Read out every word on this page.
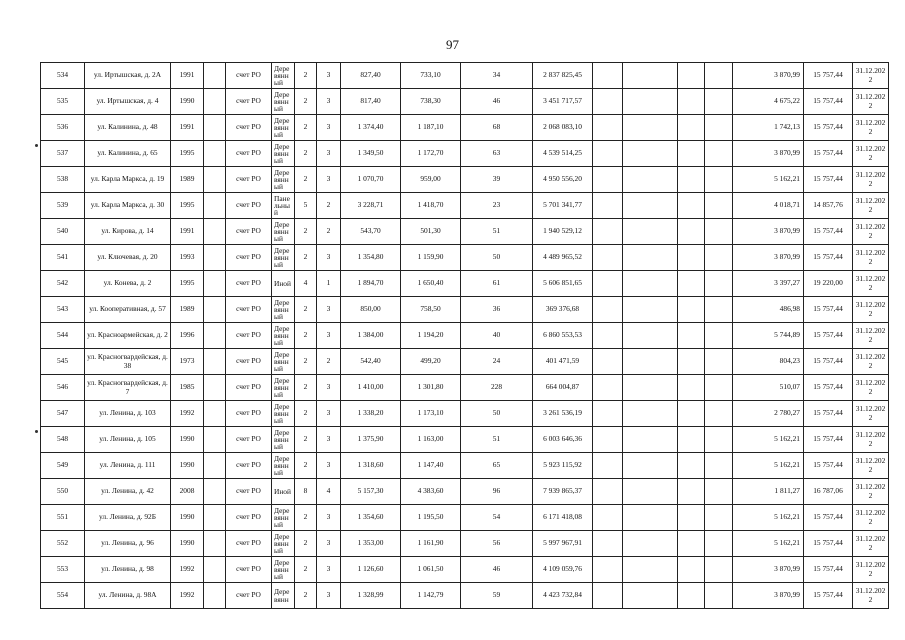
97
534	ул. Иртышская, д. 2А	1991		счет РО	Дере вянн ый	2	3	827,40	733,10	34	2 837 825,45					3 870,99	15 757,44	31.12.2022
535	ул. Иртышская, д. 4	1990		счет РО	Дере вянн ый	2	3	817,40	738,30	46	3 451 717,57					4 675,22	15 757,44	31.12.2022
536	ул. Калинина, д. 48	1991		счет РО	Дере вянн ый	2	3	1 374,40	1 187,10	68	2 068 083,10					1 742,13	15 757,44	31.12.2022
537	ул. Калинина, д. 65	1995		счет РО	Дере вянн ый	2	3	1 349,50	1 172,70	63	4 539 514,25					3 870,99	15 757,44	31.12.2022
538	ул. Карла Маркса, д. 19	1989		счет РО	Дере вянн ый	2	3	1 070,70	959,00	39	4 950 556,20					5 162,21	15 757,44	31.12.2022
539	ул. Карла Маркса, д. 30	1995		счет РО	Пане льны й	5	2	3 228,71	1 418,70	23	5 701 341,77					4 018,71	14 857,76	31.12.2022
540	ул. Кирова, д. 14	1991		счет РО	Дере вянн ый	2	2	543,70	501,30	51	1 940 529,12					3 870,99	15 757,44	31.12.2022
541	ул. Ключевая, д. 20	1993		счет РО	Дере вянн ый	2	3	1 354,80	1 159,90	50	4 489 965,52					3 870,99	15 757,44	31.12.2022
542	ул. Конева, д. 2	1995		счет РО	Иной	4	1	1 894,70	1 650,40	61	5 606 851,65					3 397,27	19 220,00	31.12.2022
543	ул. Кооперативная, д. 57	1989		счет РО	Дере вянн ый	2	3	850,00	758,50	36	369 376,68					486,98	15 757,44	31.12.2022
544	ул. Красноармейская, д. 2	1996		счет РО	Дере вянн ый	2	3	1 384,00	1 194,20	40	6 860 553,53					5 744,89	15 757,44	31.12.2022
545	ул. Красногвардейская, д. 38	1973		счет РО	Дере вянн ый	2	2	542,40	499,20	24	401 471,59					804,23	15 757,44	31.12.2022
546	ул. Красногвардейская, д. 7	1985		счет РО	Дере вянн ый	2	3	1 410,00	1 301,80	228	664 004,87					510,07	15 757,44	31.12.2022
547	ул. Ленина, д. 103	1992		счет РО	Дере вянн ый	2	3	1 338,20	1 173,10	50	3 261 536,19					2 780,27	15 757,44	31.12.2022
548	ул. Ленина, д. 105	1990		счет РО	Дере вянн ый	2	3	1 375,90	1 163,00	51	6 003 646,36					5 162,21	15 757,44	31.12.2022
549	ул. Ленина, д. 111	1990		счет РО	Дере вянн ый	2	3	1 318,60	1 147,40	65	5 923 115,92					5 162,21	15 757,44	31.12.2022
550	ул. Ленина, д. 42	2008		счет РО	Иной	8	4	5 157,30	4 383,60	96	7 939 865,37					1 811,27	16 787,06	31.12.2022
551	ул. Ленина, д. 92Б	1990		счет РО	Дере вянн ый	2	3	1 354,60	1 195,50	54	6 171 418,08					5 162,21	15 757,44	31.12.2022
552	ул. Ленина, д. 96	1990		счет РО	Дере вянн ый	2	3	1 353,00	1 161,90	56	5 997 967,91					5 162,21	15 757,44	31.12.2022
553	ул. Ленина, д. 98	1992		счет РО	Дере вянн ый	2	3	1 126,60	1 061,50	46	4 109 059,76					3 870,99	15 757,44	31.12.2022
554	ул. Ленина, д. 98А	1992		счет РО	Дере вянн	2	3	1 328,99	1 142,79	59	4 423 732,84					3 870,99	15 757,44	31.12.2022
